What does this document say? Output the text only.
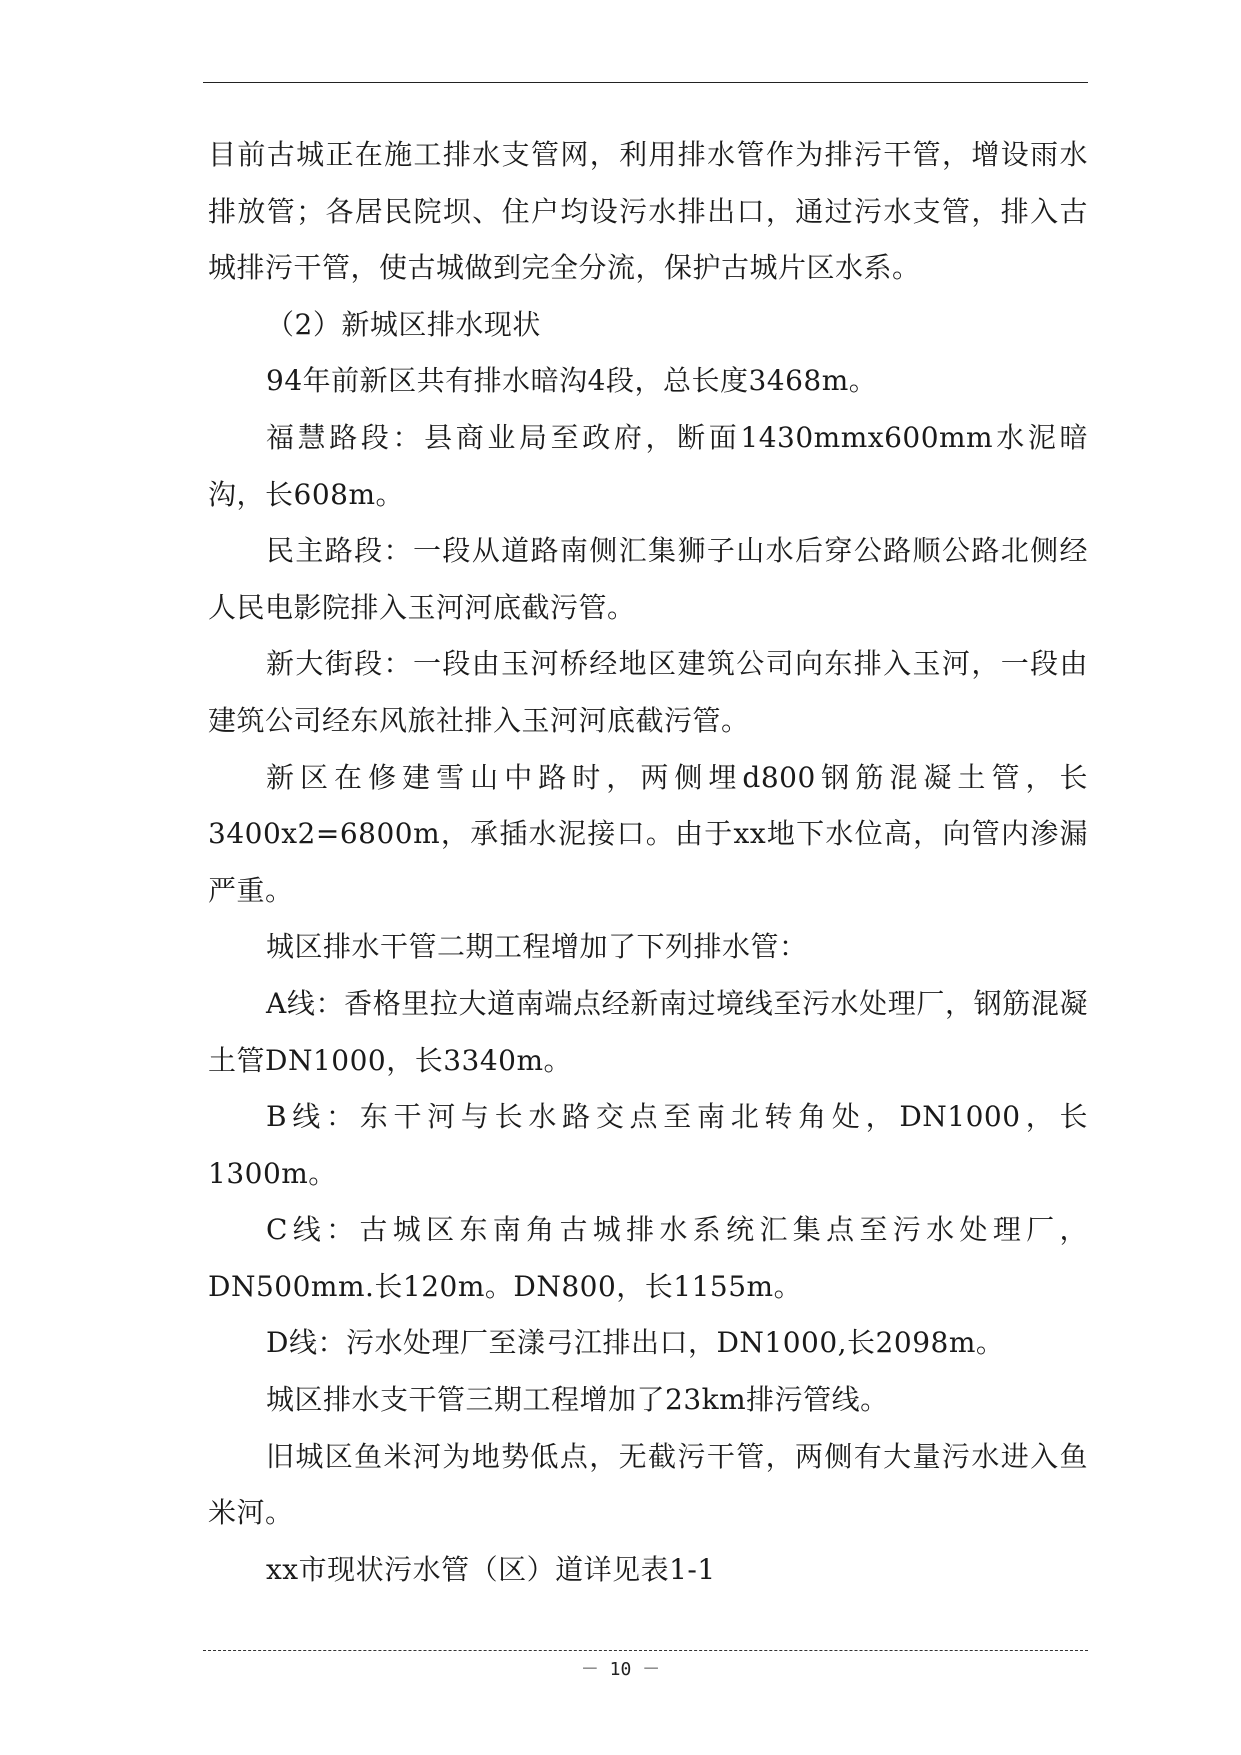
目前古城正在施工排水支管网，利用排水管作为排污干管，增设雨水排放管；各居民院坝、住户均设污水排出口，通过污水支管，排入古城排污干管，使古城做到完全分流，保护古城片区水系。

（2）新城区排水现状

94年前新区共有排水暗沟4段，总长度3468m。

福慧路段：县商业局至政府，断面1430mmx600mm水泥暗沟，长608m。

民主路段：一段从道路南侧汇集狮子山水后穿公路顺公路北侧经人民电影院排入玉河河底截污管。

新大街段：一段由玉河桥经地区建筑公司向东排入玉河，一段由建筑公司经东风旅社排入玉河河底截污管。

新区在修建雪山中路时，两侧埋d800钢筋混凝土管，长3400x2=6800m，承插水泥接口。由于xx地下水位高，向管内渗漏严重。

城区排水干管二期工程增加了下列排水管：

A线：香格里拉大道南端点经新南过境线至污水处理厂，钢筋混凝土管DN1000，长3340m。

B线：东干河与长水路交点至南北转角处，DN1000，长1300m。

C线：古城区东南角古城排水系统汇集点至污水处理厂，DN500mm.长120m。DN800，长1155m。

D线：污水处理厂至漾弓江排出口，DN1000,长2098m。

城区排水支干管三期工程增加了23km排污管线。

旧城区鱼米河为地势低点，无截污干管，两侧有大量污水进入鱼米河。

xx市现状污水管（区）道详见表1-1

－ 10 －
